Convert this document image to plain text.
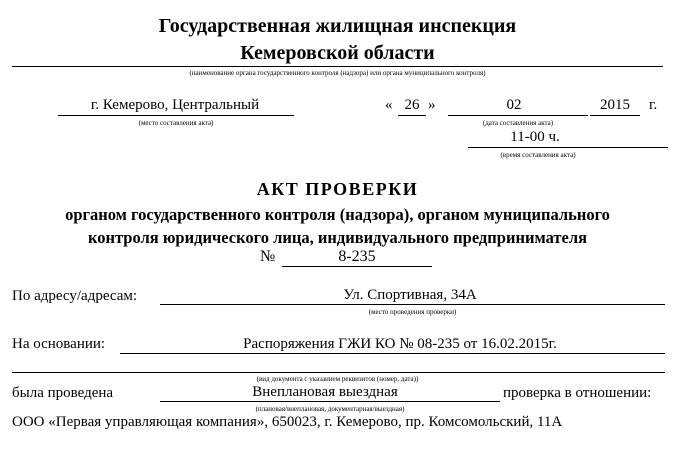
Государственная жилищная инспекция
Кемеровской области
(наименование органа государственного контроля (надзора) или органа муниципального контроля)
г. Кемерово, Центральный
(место составления акта)
« 26 »	02	2015	г.
(дата составления акта)
11-00 ч.
(время составления акта)
АКТ ПРОВЕРКИ
органом государственного контроля (надзора), органом муниципального
контроля юридического лица, индивидуального предпринимателя
№	8-235
По адресу/адресам:	Ул. Спортивная, 34А
(место проведения проверки)
На основании:	Распоряжения ГЖИ КО № 08-235 от 16.02.2015г.
(вид документа с указанием реквизитов (номер, дата))
была проведена	Внеплановая выездная
(плановая/внеплановая, документарная/выездная)
проверка в отношении:
ООО «Первая управляющая компания», 650023, г. Кемерово, пр. Комсомольский, 11А
